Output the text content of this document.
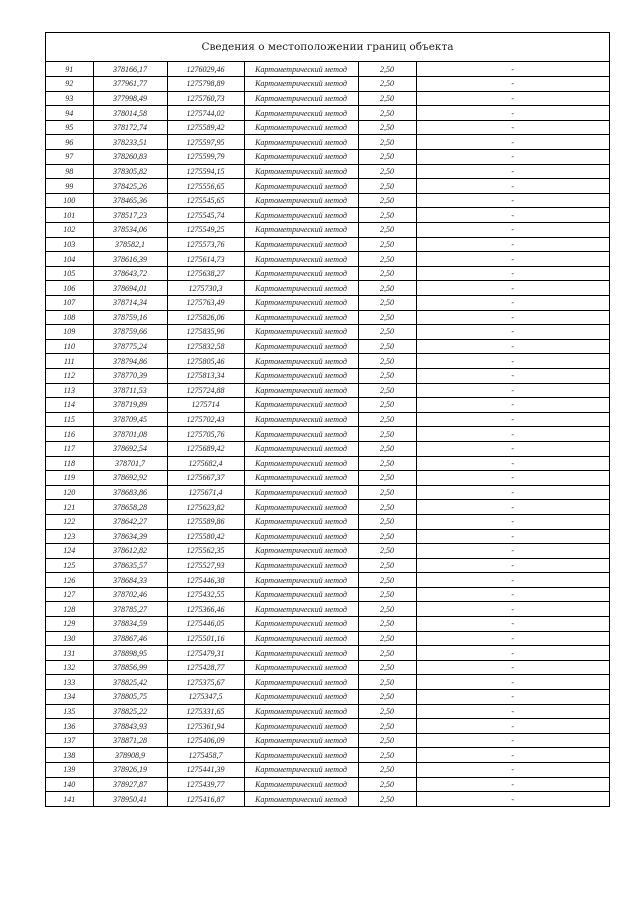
Сведения о местоположении границ объекта
91	378166,17	1276029,46	Картометрический метод	2,50	-
92	377961,77	1275798,89	Картометрический метод	2,50	-
93	377998,49	1275760,73	Картометрический метод	2,50	-
94	378014,58	1275744,02	Картометрический метод	2,50	-
95	378172,74	1275589,42	Картометрический метод	2,50	-
96	378233,51	1275597,95	Картометрический метод	2,50	-
97	378260,83	1275599,79	Картометрический метод	2,50	-
98	378305,82	1275594,15	Картометрический метод	2,50	-
99	378425,26	1275556,65	Картометрический метод	2,50	-
100	378465,36	1275545,65	Картометрический метод	2,50	-
101	378517,23	1275545,74	Картометрический метод	2,50	-
102	378534,06	1275549,25	Картометрический метод	2,50	-
103	378582,1	1275573,76	Картометрический метод	2,50	-
104	378616,39	1275614,73	Картометрический метод	2,50	-
105	378643,72	1275638,27	Картометрический метод	2,50	-
106	378694,01	1275730,3	Картометрический метод	2,50	-
107	378714,34	1275763,49	Картометрический метод	2,50	-
108	378759,16	1275826,06	Картометрический метод	2,50	-
109	378759,66	1275835,96	Картометрический метод	2,50	-
110	378775,24	1275832,58	Картометрический метод	2,50	-
111	378794,86	1275805,46	Картометрический метод	2,50	-
112	378770,39	1275813,34	Картометрический метод	2,50	-
113	378711,53	1275724,88	Картометрический метод	2,50	-
114	378719,89	1275714	Картометрический метод	2,50	-
115	378709,45	1275702,43	Картометрический метод	2,50	-
116	378701,08	1275705,76	Картометрический метод	2,50	-
117	378692,54	1275689,42	Картометрический метод	2,50	-
118	378701,7	1275682,4	Картометрический метод	2,50	-
119	378692,92	1275667,37	Картометрический метод	2,50	-
120	378683,86	1275671,4	Картометрический метод	2,50	-
121	378658,28	1275623,82	Картометрический метод	2,50	-
122	378642,27	1275589,86	Картометрический метод	2,50	-
123	378634,39	1275580,42	Картометрический метод	2,50	-
124	378612,82	1275562,35	Картометрический метод	2,50	-
125	378635,57	1275527,93	Картометрический метод	2,50	-
126	378684,33	1275446,38	Картометрический метод	2,50	-
127	378702,46	1275432,55	Картометрический метод	2,50	-
128	378785,27	1275366,46	Картометрический метод	2,50	-
129	378834,59	1275446,05	Картометрический метод	2,50	-
130	378867,46	1275501,16	Картометрический метод	2,50	-
131	378898,95	1275479,31	Картометрический метод	2,50	-
132	378856,99	1275428,77	Картометрический метод	2,50	-
133	378825,42	1275375,67	Картометрический метод	2,50	-
134	378805,75	1275347,5	Картометрический метод	2,50	-
135	378825,22	1275331,65	Картометрический метод	2,50	-
136	378843,93	1275361,94	Картометрический метод	2,50	-
137	378871,28	1275406,09	Картометрический метод	2,50	-
138	378908,9	1275458,7	Картометрический метод	2,50	-
139	378926,19	1275441,39	Картометрический метод	2,50	-
140	378927,87	1275439,77	Картометрический метод	2,50	-
141	378950,41	1275416,87	Картометрический метод	2,50	-
